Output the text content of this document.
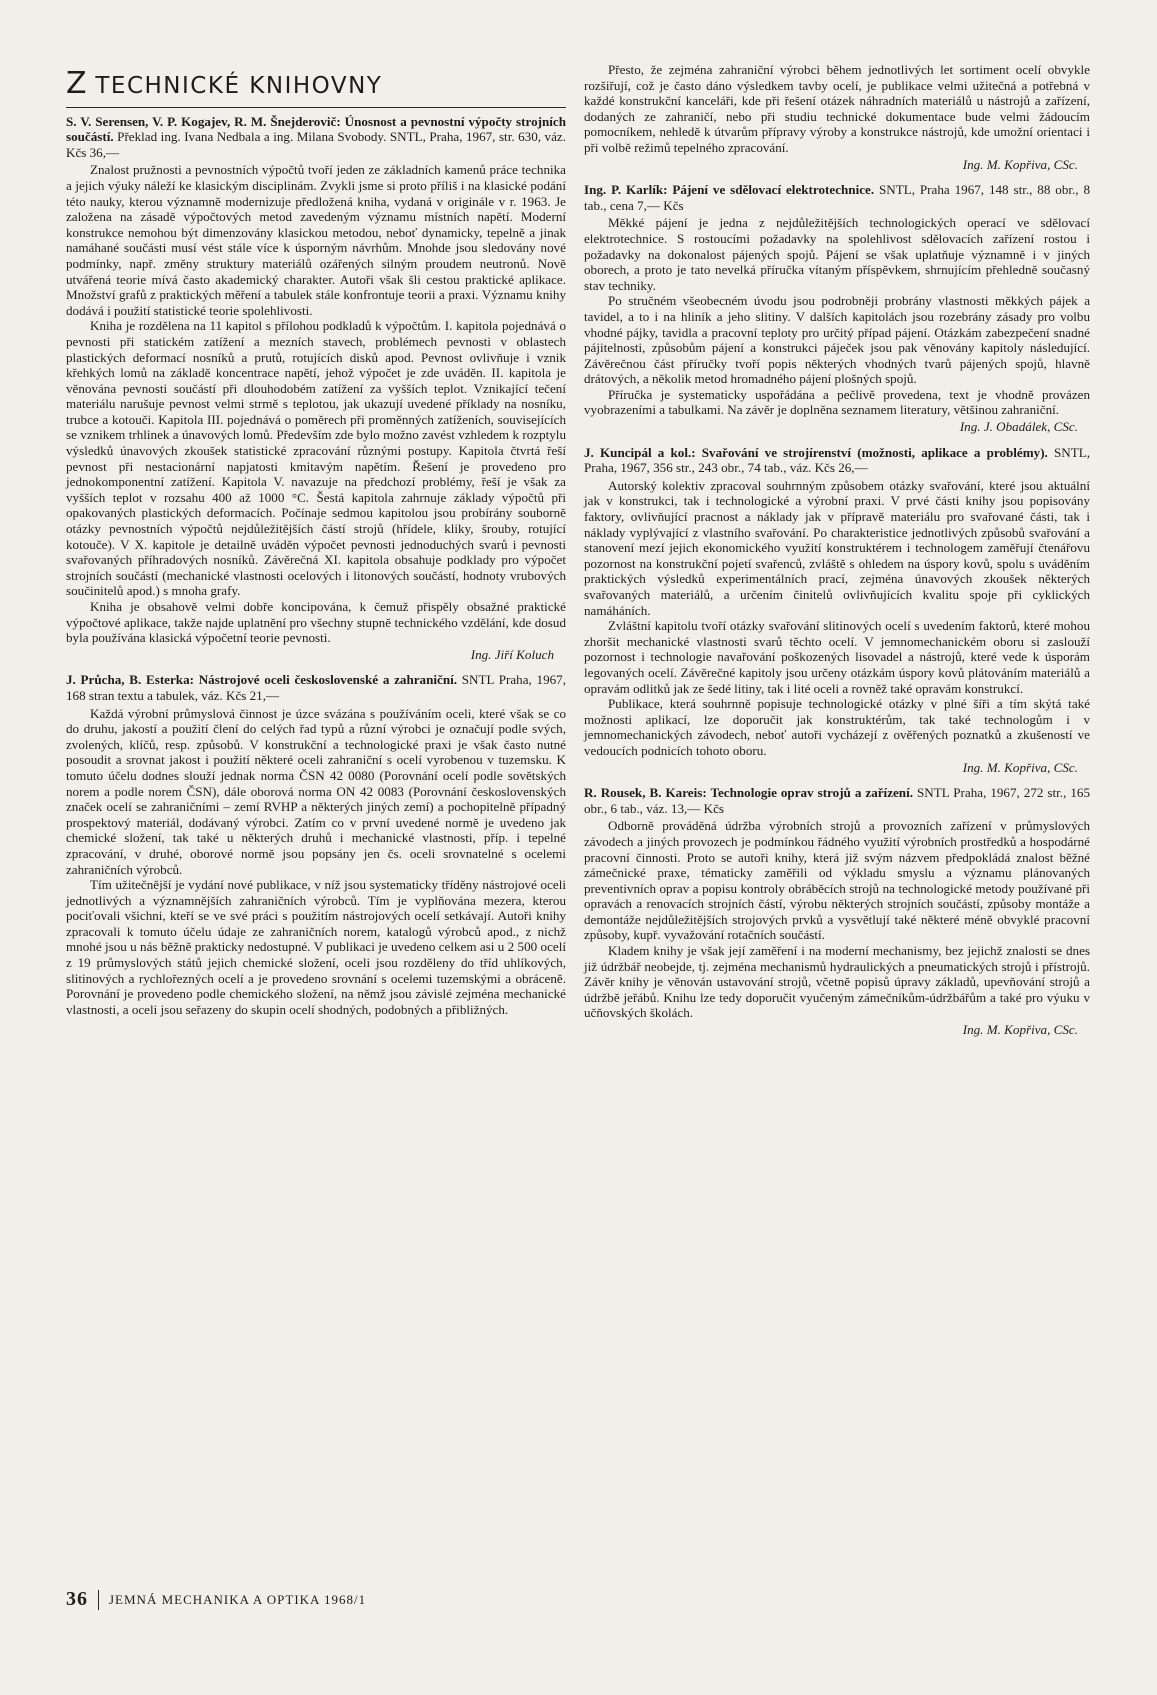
Z TECHNICKÉ KNIHOVNY
S. V. Serensen, V. P. Kogajev, R. M. Šnejderovič: Únosnost a pevnostní výpočty strojních součástí. Překlad ing. Ivana Nedbala a ing. Milana Svobody. SNTL, Praha, 1967, str. 630, váz. Kčs 36,—

Znalost pružnosti a pevnostních výpočtů tvoří jeden ze základních kamenů práce technika a jejich výuky náleží ke klasickým disciplinám. Zvykli jsme si proto příliš i na klasické podání této nauky, kterou významně modernizuje předložená kniha, vydaná v originále v r. 1963. Je založena na zásadě výpočtových metod zavedeným významu místních napětí. Moderní konstrukce nemohou být dimenzovány klasickou metodou, neboť dynamicky, tepelně a jinak namáhané součásti musí vést stále více k úsporným návrhům. Mnohde jsou sledovány nové podmínky, např. změny struktury materiálů ozářených silným proudem neutronů. Nově utvářená teorie mívá často akademický charakter. Autoři však šli cestou praktické aplikace. Množství grafů z praktických měření a tabulek stále konfrontuje teorii a praxi. Významu knihy dodává i použití statistické teorie spolehlivosti.

Kniha je rozdělena na 11 kapitol s přílohou podkladů k výpočtům. I. kapitola pojednává o pevnosti při statickém zatížení a mezních stavech, problémech pevnosti v oblastech plastických deformací nosníků a prutů, rotujících disků apod. Pevnost ovlivňuje i vznik křehkých lomů na základě koncentrace napětí, jehož výpočet je zde uváděn. II. kapitola je věnována pevnosti součástí při dlouhodobém zatížení za vyšších teplot. Vznikající tečení materiálu narušuje pevnost velmi strmě s teplotou, jak ukazují uvedené příklady na nosníku, trubce a kotouči. Kapitola III. pojednává o poměrech při proměnných zatíženích, souvisejících se vznikem trhlinek a únavových lomů. Především zde bylo možno zavést vzhledem k rozptylu výsledků únavových zkoušek statistické zpracování různými postupy. Kapitola čtvrtá řeší pevnost při nestacionární napjatosti kmitavým napětím. Řešení je provedeno pro jednokomponentní zatížení. Kapitola V. navazuje na předchozí problémy, řeší je však za vyšších teplot v rozsahu 400 až 1000 °C. Šestá kapitola zahrnuje základy výpočtů při opakovaných plastických deformacích. Počínaje sedmou kapitolou jsou probírány souborně otázky pevnostních výpočtů nejdůležitějších částí strojů (hřídele, kliky, šrouby, rotující kotouče). V X. kapitole je detailně uváděn výpočet pevnosti jednoduchých svarů i pevnosti svařovaných příhradových nosníků. Závěrečná XI. kapitola obsahuje podklady pro výpočet strojních součástí (mechanické vlastnosti ocelových i litonových součástí, hodnoty vrubových součinitelů apod.) s mnoha grafy.

Kniha je obsahově velmi dobře koncipována, k čemuž přispěly obsažné praktické výpočtové aplikace, takže najde uplatnění pro všechny stupně technického vzdělání, kde dosud byla používána klasická výpočetní teorie pevnosti.

Ing. Jiří Koluch
J. Průcha, B. Esterka: Nástrojové oceli československé a zahraniční. SNTL Praha, 1967, 168 stran textu a tabulek, váz. Kčs 21,—

Každá výrobní průmyslová činnost je úzce svázána s používáním oceli, které však se co do druhu, jakostí a použití člení do celých řad typů a různí výrobci je označují podle svých, zvolených, klíčů, resp. způsobů. V konstrukční a technologické praxi je však často nutné posoudit a srovnat jakost i použití některé oceli zahraniční s ocelí vyrobenou v tuzemsku. K tomuto účelu dodnes slouží jednak norma ČSN 42 0080 (Porovnání ocelí podle sovětských norem a podle norem ČSN), dále oborová norma ON 42 0083 (Porovnání československých značek ocelí se zahraničními – zemí RVHP a některých jiných zemí) a pochopitelně případný prospektový materiál, dodávaný výrobci. Zatím co v první uvedené normě je uvedeno jak chemické složení, tak také u některých druhů i mechanické vlastnosti, příp. i tepelné zpracování, v druhé, oborové normě jsou popsány jen čs. oceli srovnatelné s ocelemi zahraničních výrobců.

Tím užitečnější je vydání nové publikace, v níž jsou systematicky tříděny nástrojové oceli jednotlivých a významnějších zahraničních výrobců. Tím je vyplňována mezera, kterou pociťovali všichni, kteří se ve své práci s použitím nástrojových ocelí setkávají. Autoři knihy zpracovali k tomuto účelu údaje ze zahraničních norem, katalogů výrobců apod., z nichž mnohé jsou u nás běžně prakticky nedostupné. V publikaci je uvedeno celkem asi u 2 500 ocelí z 19 průmyslových států jejich chemické složení, oceli jsou rozděleny do tříd uhlíkových, slitinových a rychlořezných ocelí a je provedeno srovnání s ocelemi tuzemskými a obráceně. Porovnání je provedeno podle chemického složení, na němž jsou závislé zejména mechanické vlastnosti, a oceli jsou seřazeny do skupin ocelí shodných, podobných a přibližných.

Přesto, že zejména zahraniční výrobci během jednotlivých let sortiment ocelí obvykle rozšiřují, což je často dáno výsledkem tavby ocelí, je publikace velmi užitečná a potřebná v každé konstrukční kanceláři, kde při řešení otázek náhradních materiálů u nástrojů a zařízení, dodaných ze zahraničí, nebo při studiu technické dokumentace bude velmi žádoucím pomocníkem, nehledě k útvarům přípravy výroby a konstrukce nástrojů, kde umožní orientaci i při volbě režimů tepelného zpracování.

Ing. M. Kopřiva, CSc.
Ing. P. Karlík: Pájení ve sdělovací elektrotechnice. SNTL, Praha 1967, 148 str., 88 obr., 8 tab., cena 7,— Kčs

Měkké pájení je jedna z nejdůležitějších technologických operací ve sdělovací elektrotechnice. S rostoucími požadavky na spolehlivost sdělovacích zařízení rostou i požadavky na dokonalost pájených spojů. Pájení se však uplatňuje významně i v jiných oborech, a proto je tato nevelká příručka vítaným příspěvkem, shrnujícím přehledně současný stav techniky.

Po stručném všeobecném úvodu jsou podrobněji probrány vlastnosti měkkých pájek a tavidel, a to i na hliník a jeho slitiny. V dalších kapitolách jsou rozebrány zásady pro volbu vhodné pájky, tavidla a pracovní teploty pro určitý případ pájení. Otázkám zabezpečení snadné pájitelnosti, způsobům pájení a konstrukci páječek jsou pak věnovány kapitoly následující. Závěrečnou část příručky tvoří popis některých vhodných tvarů pájených spojů, hlavně drátových, a několik metod hromadného pájení plošných spojů.

Příručka je systematicky uspořádána a pečlivě provedena, text je vhodně provázen vyobrazeními a tabulkami. Na závěr je doplněna seznamem literatury, většinou zahraniční.

Ing. J. Obadálek, CSc.
J. Kuncipál a kol.: Svařování ve strojírenství (možnosti, aplikace a problémy). SNTL, Praha, 1967, 356 str., 243 obr., 74 tab., váz. Kčs 26,—

Autorský kolektiv zpracoval souhrnným způsobem otázky svařování, které jsou aktuální jak v konstrukci, tak i technologické a výrobní praxi. V prvé části knihy jsou popisovány faktory, ovlivňující pracnost a náklady jak v přípravě materiálu pro svařované části, tak i náklady vyplývající z vlastního svařování. Po charakteristice jednotlivých způsobů svařování a stanovení mezí jejich ekonomického využití konstruktérem i technologem zaměřují čtenářovu pozornost na konstrukční pojetí svařenců, zvláště s ohledem na úspory kovů, spolu s uváděním praktických výsledků experimentálních prací, zejména únavových zkoušek některých svařovaných materiálů, a určením činitelů ovlivňujících kvalitu spoje při cyklických namáháních.

Zvláštní kapitolu tvoří otázky svařování slitinových ocelí s uvedením faktorů, které mohou zhoršit mechanické vlastnosti svarů těchto ocelí. V jemnomechanickém oboru si zaslouží pozornost i technologie navařování poškozených lisovadel a nástrojů, které vede k úsporám legovaných ocelí. Závěrečné kapitoly jsou určeny otázkám úspory kovů plátováním materiálů a opravám odlitků jak ze šedé litiny, tak i lité oceli a rovněž také opravám konstrukcí.

Publikace, která souhrnně popisuje technologické otázky v plné šíři a tím skýtá také možnosti aplikací, lze doporučit jak konstruktérům, tak také technologům i v jemnomechanických závodech, neboť autoři vycházejí z ověřených poznatků a zkušeností ve vedoucích podnicích tohoto oboru.

Ing. M. Kopřiva, CSc.
R. Rousek, B. Kareis: Technologie oprav strojů a zařízení. SNTL Praha, 1967, 272 str., 165 obr., 6 tab., váz. 13,— Kčs

Odborně prováděná údržba výrobních strojů a provozních zařízení v průmyslových závodech a jiných provozech je podmínkou řádného využití výrobních prostředků a hospodárné pracovní činnosti. Proto se autoři knihy, která již svým názvem předpokládá znalost běžné zámečnické praxe, tématicky zaměřili od výkladu smyslu a významu plánovaných preventivních oprav a popisu kontroly obráběcích strojů na technologické metody používané při opravách a renovacích strojních částí, výrobu některých strojních součástí, způsoby montáže a demontáže nejdůležitějších strojových prvků a vysvětlují také některé méně obvyklé pracovní způsoby, kupř. vyvažování rotačních součástí.

Kladem knihy je však její zaměření i na moderní mechanismy, bez jejichž znalosti se dnes již údržbář neobejde, tj. zejména mechanismů hydraulických a pneumatických strojů i přístrojů. Závěr knihy je věnován ustavování strojů, včetně popisů úpravy základů, upevňování strojů a údržbě jeřábů. Knihu lze tedy doporučit vyučeným zámečníkům-údržbářům a také pro výuku v učňovských školách.

Ing. M. Kopřiva, CSc.
36 JEMNÁ MECHANIKA A OPTIKA 1968/1
